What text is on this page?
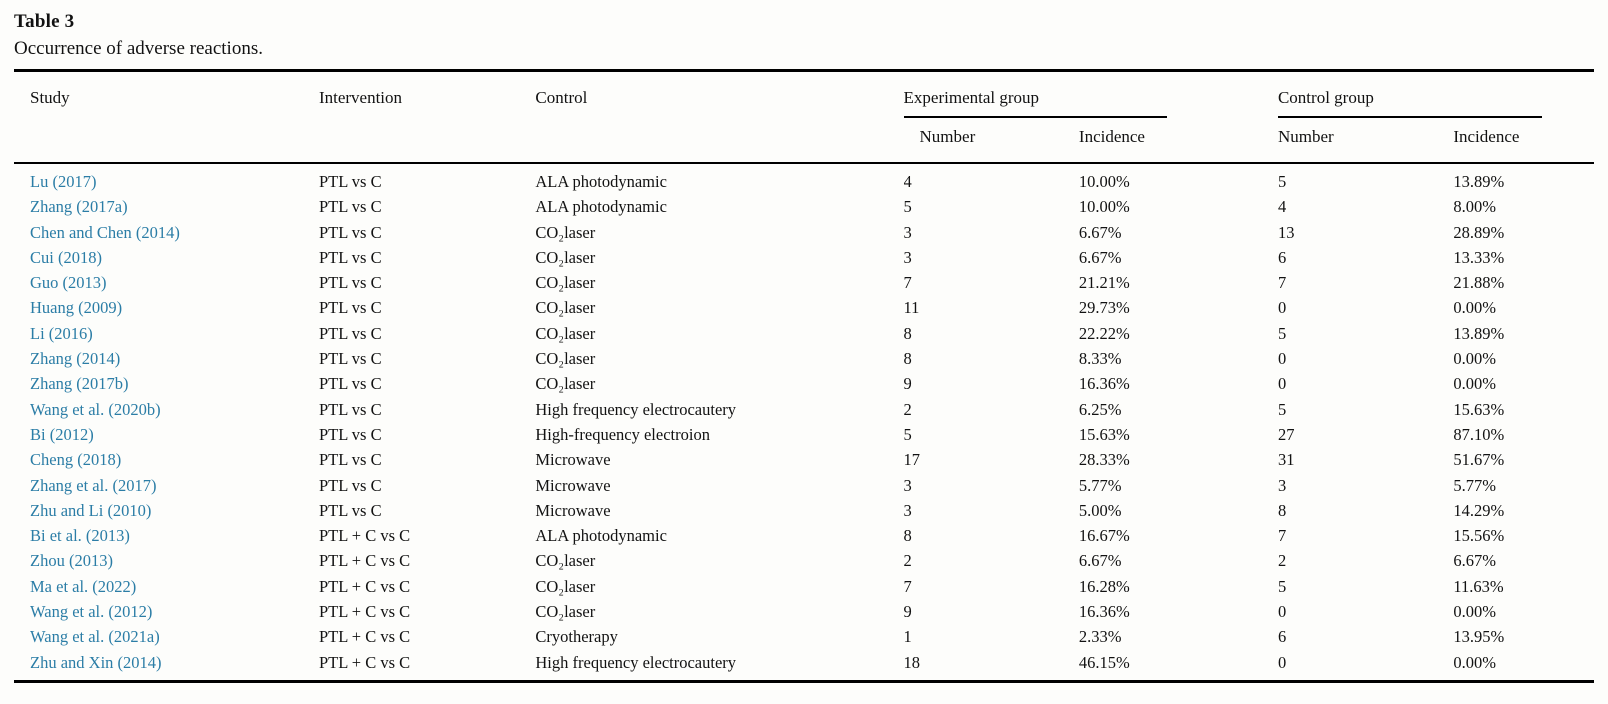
Table 3
Occurrence of adverse reactions.
Study	Intervention	Control	Experimental group			Control group		
			Number	Incidence		Number	Incidence	
Lu (2017)	PTL vs C	ALA photodynamic	4	10.00%		5	13.89%	
Zhang (2017a)	PTL vs C	ALA photodynamic	5	10.00%		4	8.00%	
Chen and Chen (2014)	PTL vs C	CO₂laser	3	6.67%		13	28.89%	
Cui (2018)	PTL vs C	CO₂laser	3	6.67%		6	13.33%	
Guo (2013)	PTL vs C	CO₂laser	7	21.21%		7	21.88%	
Huang (2009)	PTL vs C	CO₂laser	11	29.73%		0	0.00%	
Li (2016)	PTL vs C	CO₂laser	8	22.22%		5	13.89%	
Zhang (2014)	PTL vs C	CO₂laser	8	8.33%		0	0.00%	
Zhang (2017b)	PTL vs C	CO₂laser	9	16.36%		0	0.00%	
Wang et al. (2020b)	PTL vs C	High frequency electrocautery	2	6.25%		5	15.63%	
Bi (2012)	PTL vs C	High-frequency electroion	5	15.63%		27	87.10%	
Cheng (2018)	PTL vs C	Microwave	17	28.33%		31	51.67%	
Zhang et al. (2017)	PTL vs C	Microwave	3	5.77%		3	5.77%	
Zhu and Li (2010)	PTL vs C	Microwave	3	5.00%		8	14.29%	
Bi et al. (2013)	PTL + C vs C	ALA photodynamic	8	16.67%		7	15.56%	
Zhou (2013)	PTL + C vs C	CO₂laser	2	6.67%		2	6.67%	
Ma et al. (2022)	PTL + C vs C	CO₂laser	7	16.28%		5	11.63%	
Wang et al. (2012)	PTL + C vs C	CO₂laser	9	16.36%		0	0.00%	
Wang et al. (2021a)	PTL + C vs C	Cryotherapy	1	2.33%		6	13.95%	
Zhu and Xin (2014)	PTL + C vs C	High frequency electrocautery	18	46.15%		0	0.00%	
